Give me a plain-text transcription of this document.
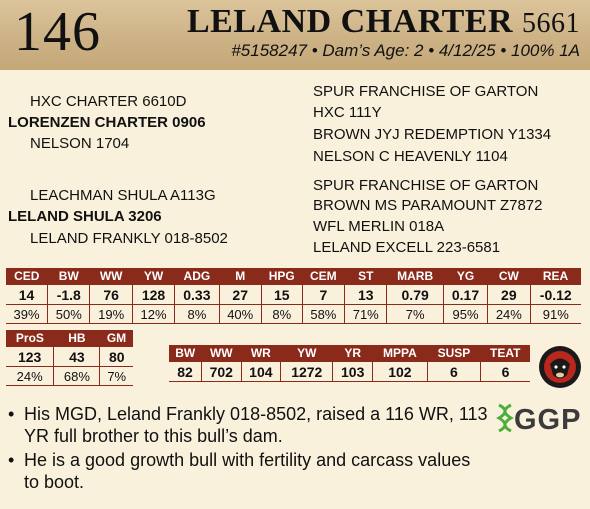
146	LELAND CHARTER 5661
#5158247 • Dam’s Age: 2 • 4/12/25 • 100% 1A
HXC CHARTER 6610D
LORENZEN CHARTER 0906
NELSON 1704
SPUR FRANCHISE OF GARTON
HXC 111Y
BROWN JYJ REDEMPTION Y1334
NELSON C HEAVENLY 1104
LEACHMAN SHULA A113G
LELAND SHULA 3206
LELAND FRANKLY 018-8502
SPUR FRANCHISE OF GARTON
BROWN MS PARAMOUNT Z7872
WFL MERLIN 018A
LELAND EXCELL 223-6581
CED	BW	WW	YW	ADG	M	HPG	CEM	ST	MARB	YG	CW	REA
14	-1.8	76	128	0.33	27	15	7	13	0.79	0.17	29	-0.12
39%	50%	19%	12%	8%	40%	8%	58%	71%	7%	95%	24%	91%
ProS	HB	GM
123	43	80
24%	68%	7%
BW	WW	WR	YW	YR	MPPA	SUSP	TEAT
82	702	104	1272	103	102	6	6
• His MGD, Leland Frankly 018-8502, raised a 116 WR, 113 YR full brother to this bull’s dam.
• He is a good growth bull with fertility and carcass values to boot.
GGP
